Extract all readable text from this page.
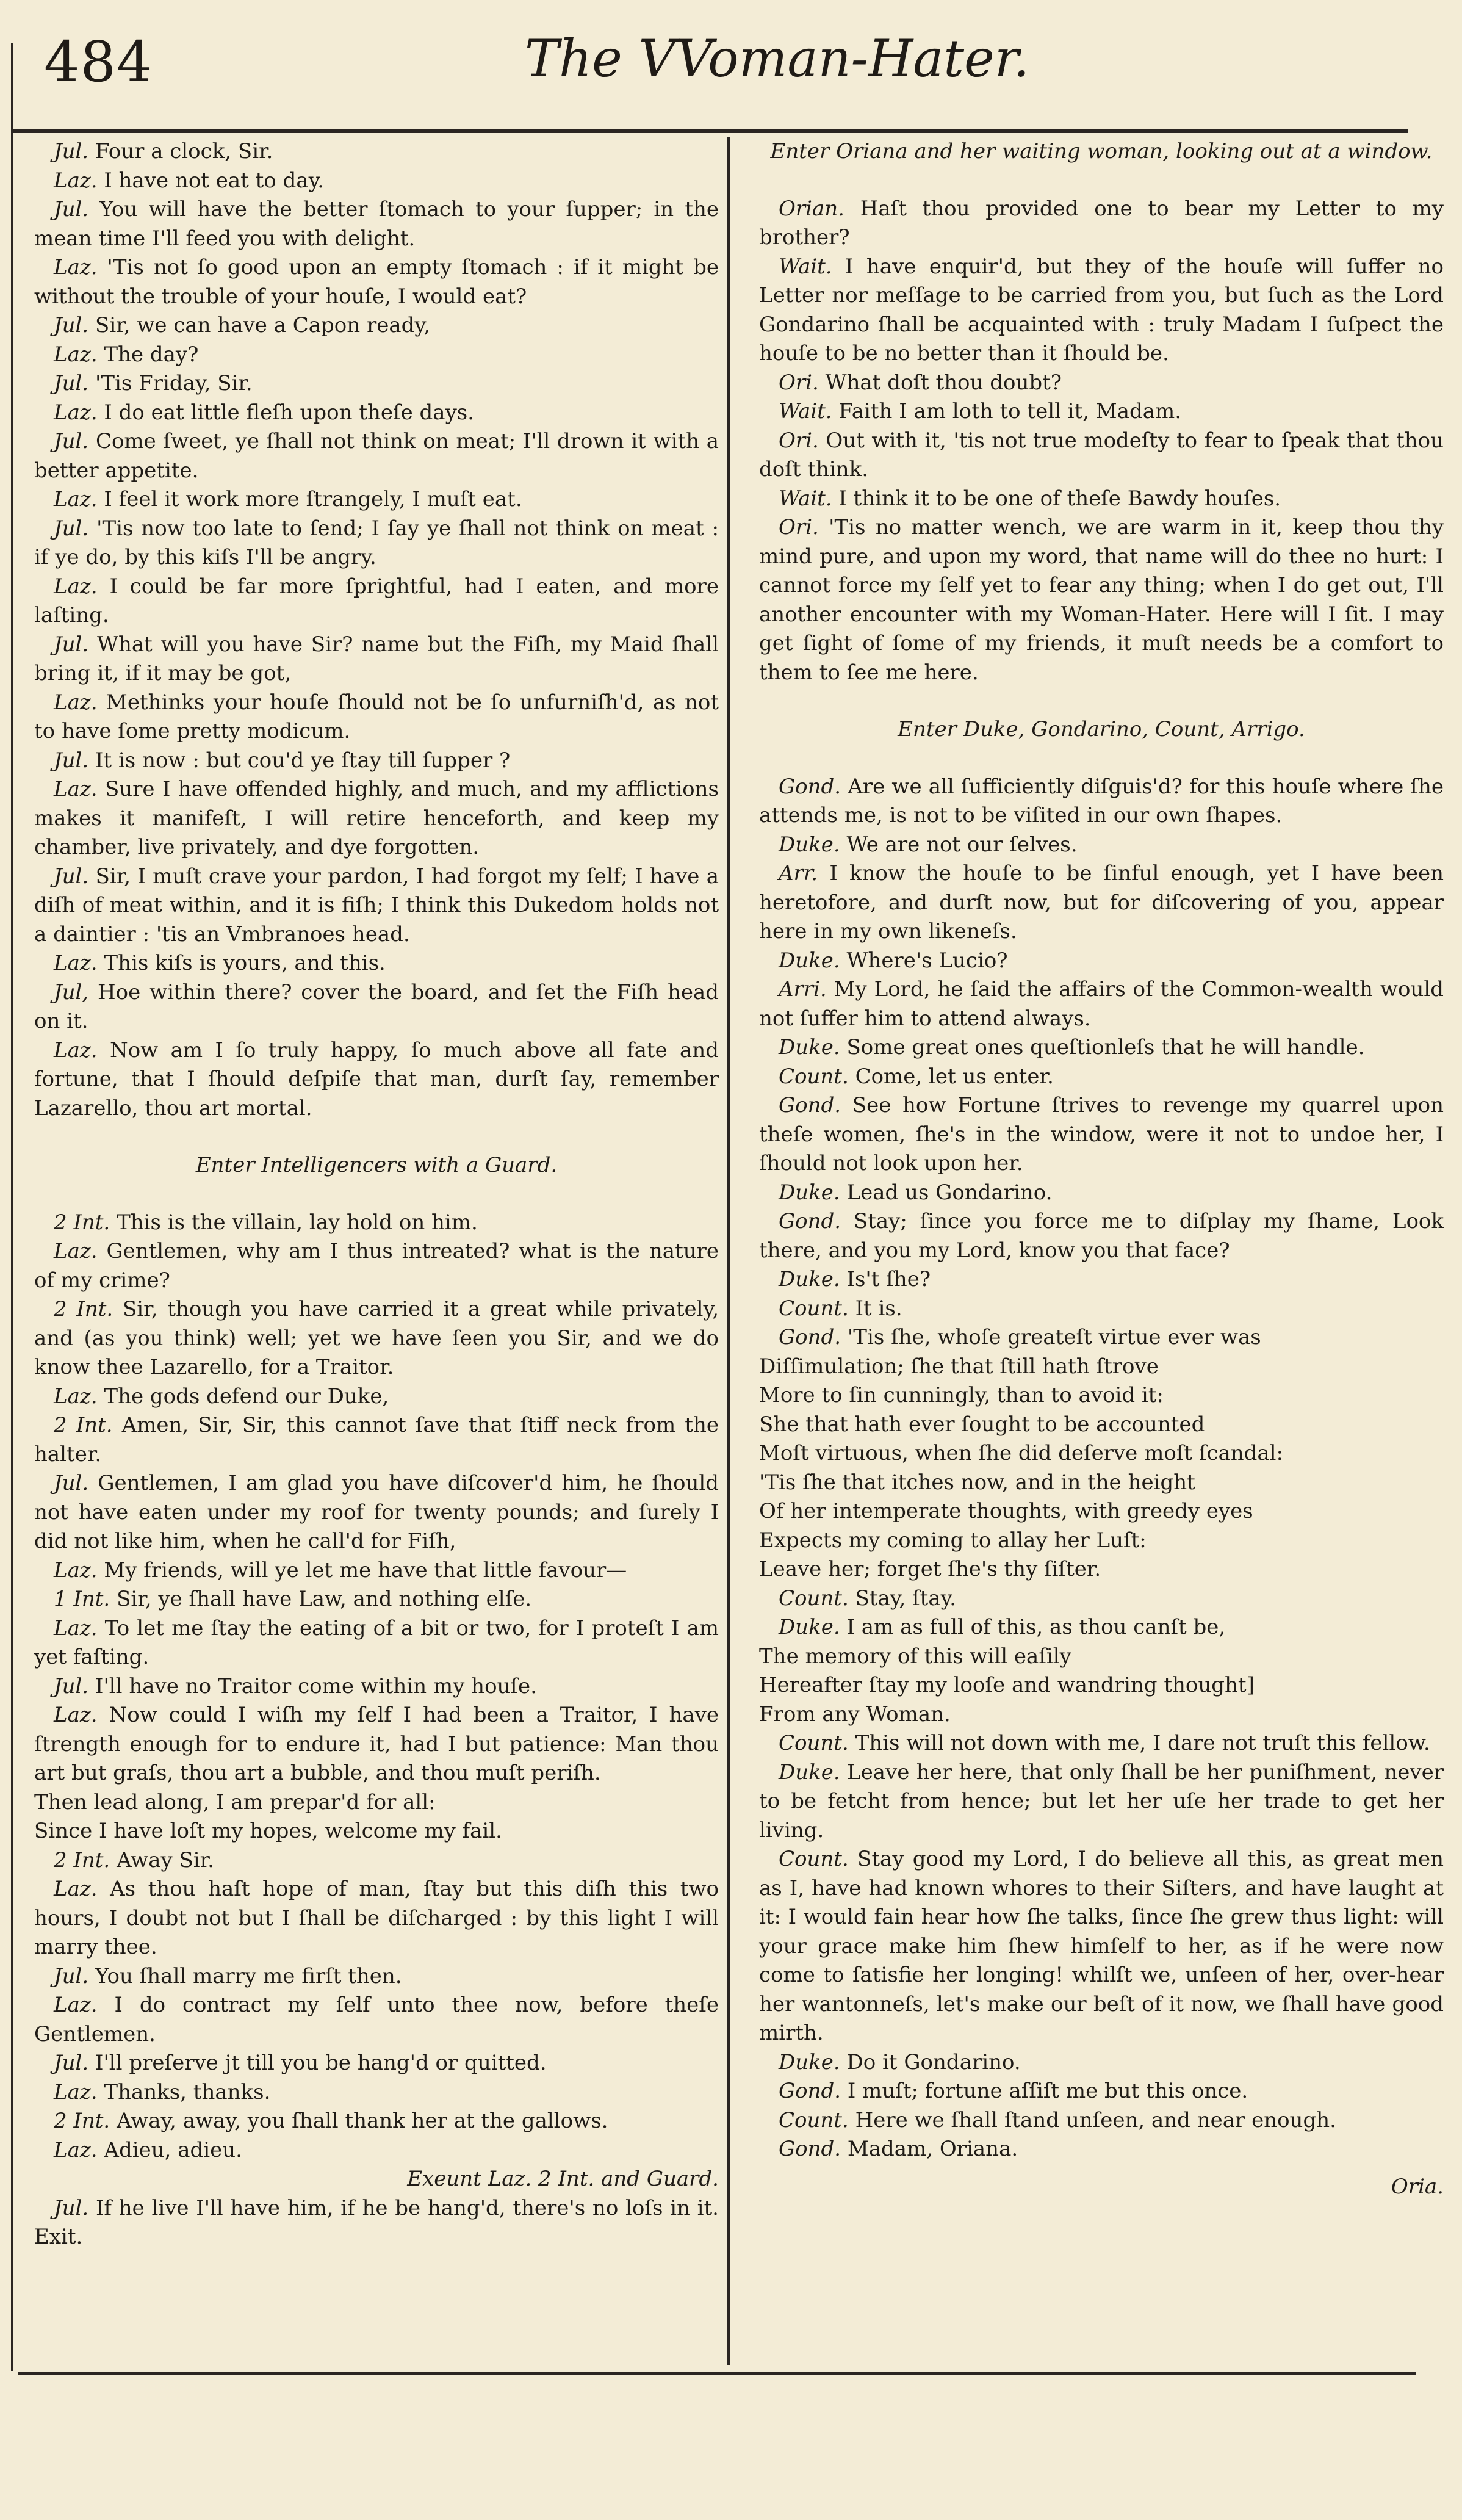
484	The VVoman-Hater.

Jul. Four a clock, Sir.

Laz. I have not eat to day.

Jul. You will have the better ſtomach to your ſupper; in the mean time I'll feed you with delight.

Laz. 'Tis not ſo good upon an empty ſtomach : if it might be without the trouble of your houſe, I would eat?

Jul. Sir, we can have a Capon ready,

Laz. The day?

Jul. 'Tis Friday, Sir.

Laz. I do eat little fleſh upon theſe days.

Jul. Come ſweet, ye ſhall not think on meat; I'll drown it with a better appetite.

Laz. I feel it work more ſtrangely, I muſt eat.

Jul. 'Tis now too late to ſend; I ſay ye ſhall not think on meat : if ye do, by this kiſs I'll be angry.

Laz. I could be far more ſprightful, had I eaten, and more laſting.

Jul. What will you have Sir? name but the Fiſh, my Maid ſhall bring it, if it may be got,

Laz. Methinks your houſe ſhould not be ſo unfurniſh'd, as not to have ſome pretty modicum.

Jul. It is now : but cou'd ye ſtay till ſupper ?

Laz. Sure I have offended highly, and much, and my afflictions makes it manifeſt, I will retire henceforth, and keep my chamber, live privately, and dye forgotten.

Jul. Sir, I muſt crave your pardon, I had forgot my ſelf; I have a diſh of meat within, and it is fiſh; I think this Dukedom holds not a daintier : 'tis an Vmbranoes head.

Laz. This kiſs is yours, and this.

Jul, Hoe within there? cover the board, and ſet the Fiſh head on it.

Laz. Now am I ſo truly happy, ſo much above all fate and fortune, that I ſhould deſpiſe that man, durſt ſay, remember Lazarello, thou art mortal.

Enter Intelligencers with a Guard.

2 Int. This is the villain, lay hold on him.

Laz. Gentlemen, why am I thus intreated? what is the nature of my crime?

2 Int. Sir, though you have carried it a great while privately, and (as you think) well; yet we have ſeen you Sir, and we do know thee Lazarello, for a Traitor.

Laz. The gods defend our Duke,

2 Int. Amen, Sir, Sir, this cannot ſave that ſtiff neck from the halter.

Jul. Gentlemen, I am glad you have diſcover'd him, he ſhould not have eaten under my roof for twenty pounds; and ſurely I did not like him, when he call'd for Fiſh,

Laz. My friends, will ye let me have that little favour—

1 Int. Sir, ye ſhall have Law, and nothing elſe.

Laz. To let me ſtay the eating of a bit or two, for I proteſt I am yet faſting.

Jul. I'll have no Traitor come within my houſe.

Laz. Now could I wiſh my ſelf I had been a Traitor, I have ſtrength enough for to endure it, had I but patience: Man thou art but graſs, thou art a bubble, and thou muſt periſh.

Then lead along, I am prepar'd for all:

Since I have loſt my hopes, welcome my fail.

2 Int. Away Sir.

Laz. As thou haſt hope of man, ſtay but this diſh this two hours, I doubt not but I ſhall be diſcharged : by this light I will marry thee.

Jul. You ſhall marry me firſt then.

Laz. I do contract my ſelf unto thee now, before theſe Gentlemen.

Jul. I'll preſerve jt till you be hang'd or quitted.

Laz. Thanks, thanks.

2 Int. Away, away, you ſhall thank her at the gallows.

Laz. Adieu, adieu.

Exeunt Laz. 2 Int. and Guard.

Jul. If he live I'll have him, if he be hang'd, there's no loſs in it. Exit.

Enter Oriana and her waiting woman, looking out at a window.

Orian. Haſt thou provided one to bear my Letter to my brother?

Wait. I have enquir'd, but they of the houſe will ſuffer no Letter nor meſſage to be carried from you, but ſuch as the Lord Gondarino ſhall be acquainted with : truly Madam I ſuſpect the houſe to be no better than it ſhould be.

Ori. What doſt thou doubt?

Wait. Faith I am loth to tell it, Madam.

Ori. Out with it, 'tis not true modeſty to fear to ſpeak that thou doſt think.

Wait. I think it to be one of theſe Bawdy houſes.

Ori. 'Tis no matter wench, we are warm in it, keep thou thy mind pure, and upon my word, that name will do thee no hurt: I cannot force my ſelf yet to fear any thing; when I do get out, I'll another encounter with my Woman-Hater. Here will I ſit. I may get ſight of ſome of my friends, it muſt needs be a comfort to them to ſee me here.

Enter Duke, Gondarino, Count, Arrigo.

Gond. Are we all ſufficiently diſguis'd? for this houſe where ſhe attends me, is not to be viſited in our own ſhapes.

Duke. We are not our ſelves.

Arr. I know the houſe to be ſinful enough, yet I have been heretofore, and durſt now, but for diſcovering of you, appear here in my own likeneſs.

Duke. Where's Lucio?

Arri. My Lord, he ſaid the affairs of the Common-wealth would not ſuffer him to attend always.

Duke. Some great ones queſtionleſs that he will handle.

Count. Come, let us enter.

Gond. See how Fortune ſtrives to revenge my quarrel upon theſe women, ſhe's in the window, were it not to undoe her, I ſhould not look upon her.

Duke. Lead us Gondarino.

Gond. Stay; ſince you force me to diſplay my ſhame, Look there, and you my Lord, know you that face?

Duke. Is't ſhe?

Count. It is.

Gond. 'Tis ſhe, whoſe greateſt virtue ever was

Diſſimulation; ſhe that ſtill hath ſtrove

More to ſin cunningly, than to avoid it:

She that hath ever ſought to be accounted

Moſt virtuous, when ſhe did deſerve moſt ſcandal:

'Tis ſhe that itches now, and in the height

Of her intemperate thoughts, with greedy eyes

Expects my coming to allay her Luſt:

Leave her; forget ſhe's thy ſiſter.

Count. Stay, ſtay.

Duke. I am as full of this, as thou canſt be,

The memory of this will eaſily

Hereafter ſtay my looſe and wandring thought]

From any Woman.

Count. This will not down with me, I dare not truſt this fellow.

Duke. Leave her here, that only ſhall be her puniſhment, never to be fetcht from hence; but let her uſe her trade to get her living.

Count. Stay good my Lord, I do believe all this, as great men as I, have had known whores to their Siſters, and have laught at it: I would fain hear how ſhe talks, ſince ſhe grew thus light: will your grace make him ſhew himſelf to her, as if he were now come to ſatisfie her longing! whilſt we, unſeen of her, over-hear her wantonneſs, let's make our beſt of it now, we ſhall have good mirth.

Duke. Do it Gondarino.

Gond. I muſt; fortune aſſiſt me but this once.

Count. Here we ſhall ſtand unſeen, and near enough.

Gond. Madam, Oriana.

Oria.
